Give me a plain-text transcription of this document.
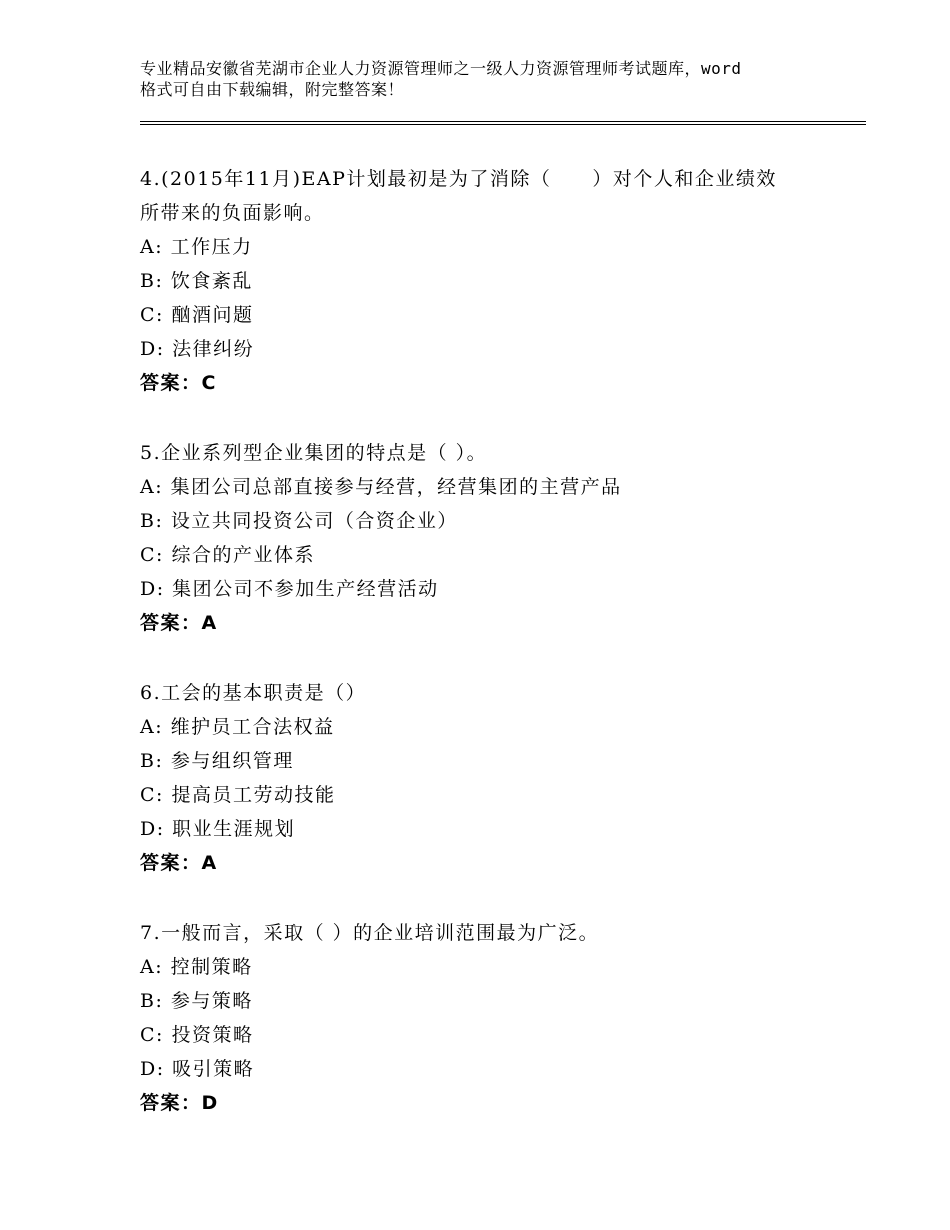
专业精品安徽省芜湖市企业人力资源管理师之一级人力资源管理师考试题库，word
格式可自由下载编辑，附完整答案！
4.(2015年11月)EAP计划最初是为了消除（　　）对个人和企业绩效
所带来的负面影响。
A: 工作压力
B: 饮食紊乱
C: 酗酒问题
D: 法律纠纷
答案：C
5.企业系列型企业集团的特点是（ ）。
A: 集团公司总部直接参与经营，经营集团的主营产品
B: 设立共同投资公司（合资企业）
C: 综合的产业体系
D: 集团公司不参加生产经营活动
答案：A
6.工会的基本职责是（）
A: 维护员工合法权益
B: 参与组织管理
C: 提高员工劳动技能
D: 职业生涯规划
答案：A
7.一般而言，采取（ ）的企业培训范围最为广泛。
A: 控制策略
B: 参与策略
C: 投资策略
D: 吸引策略
答案：D
